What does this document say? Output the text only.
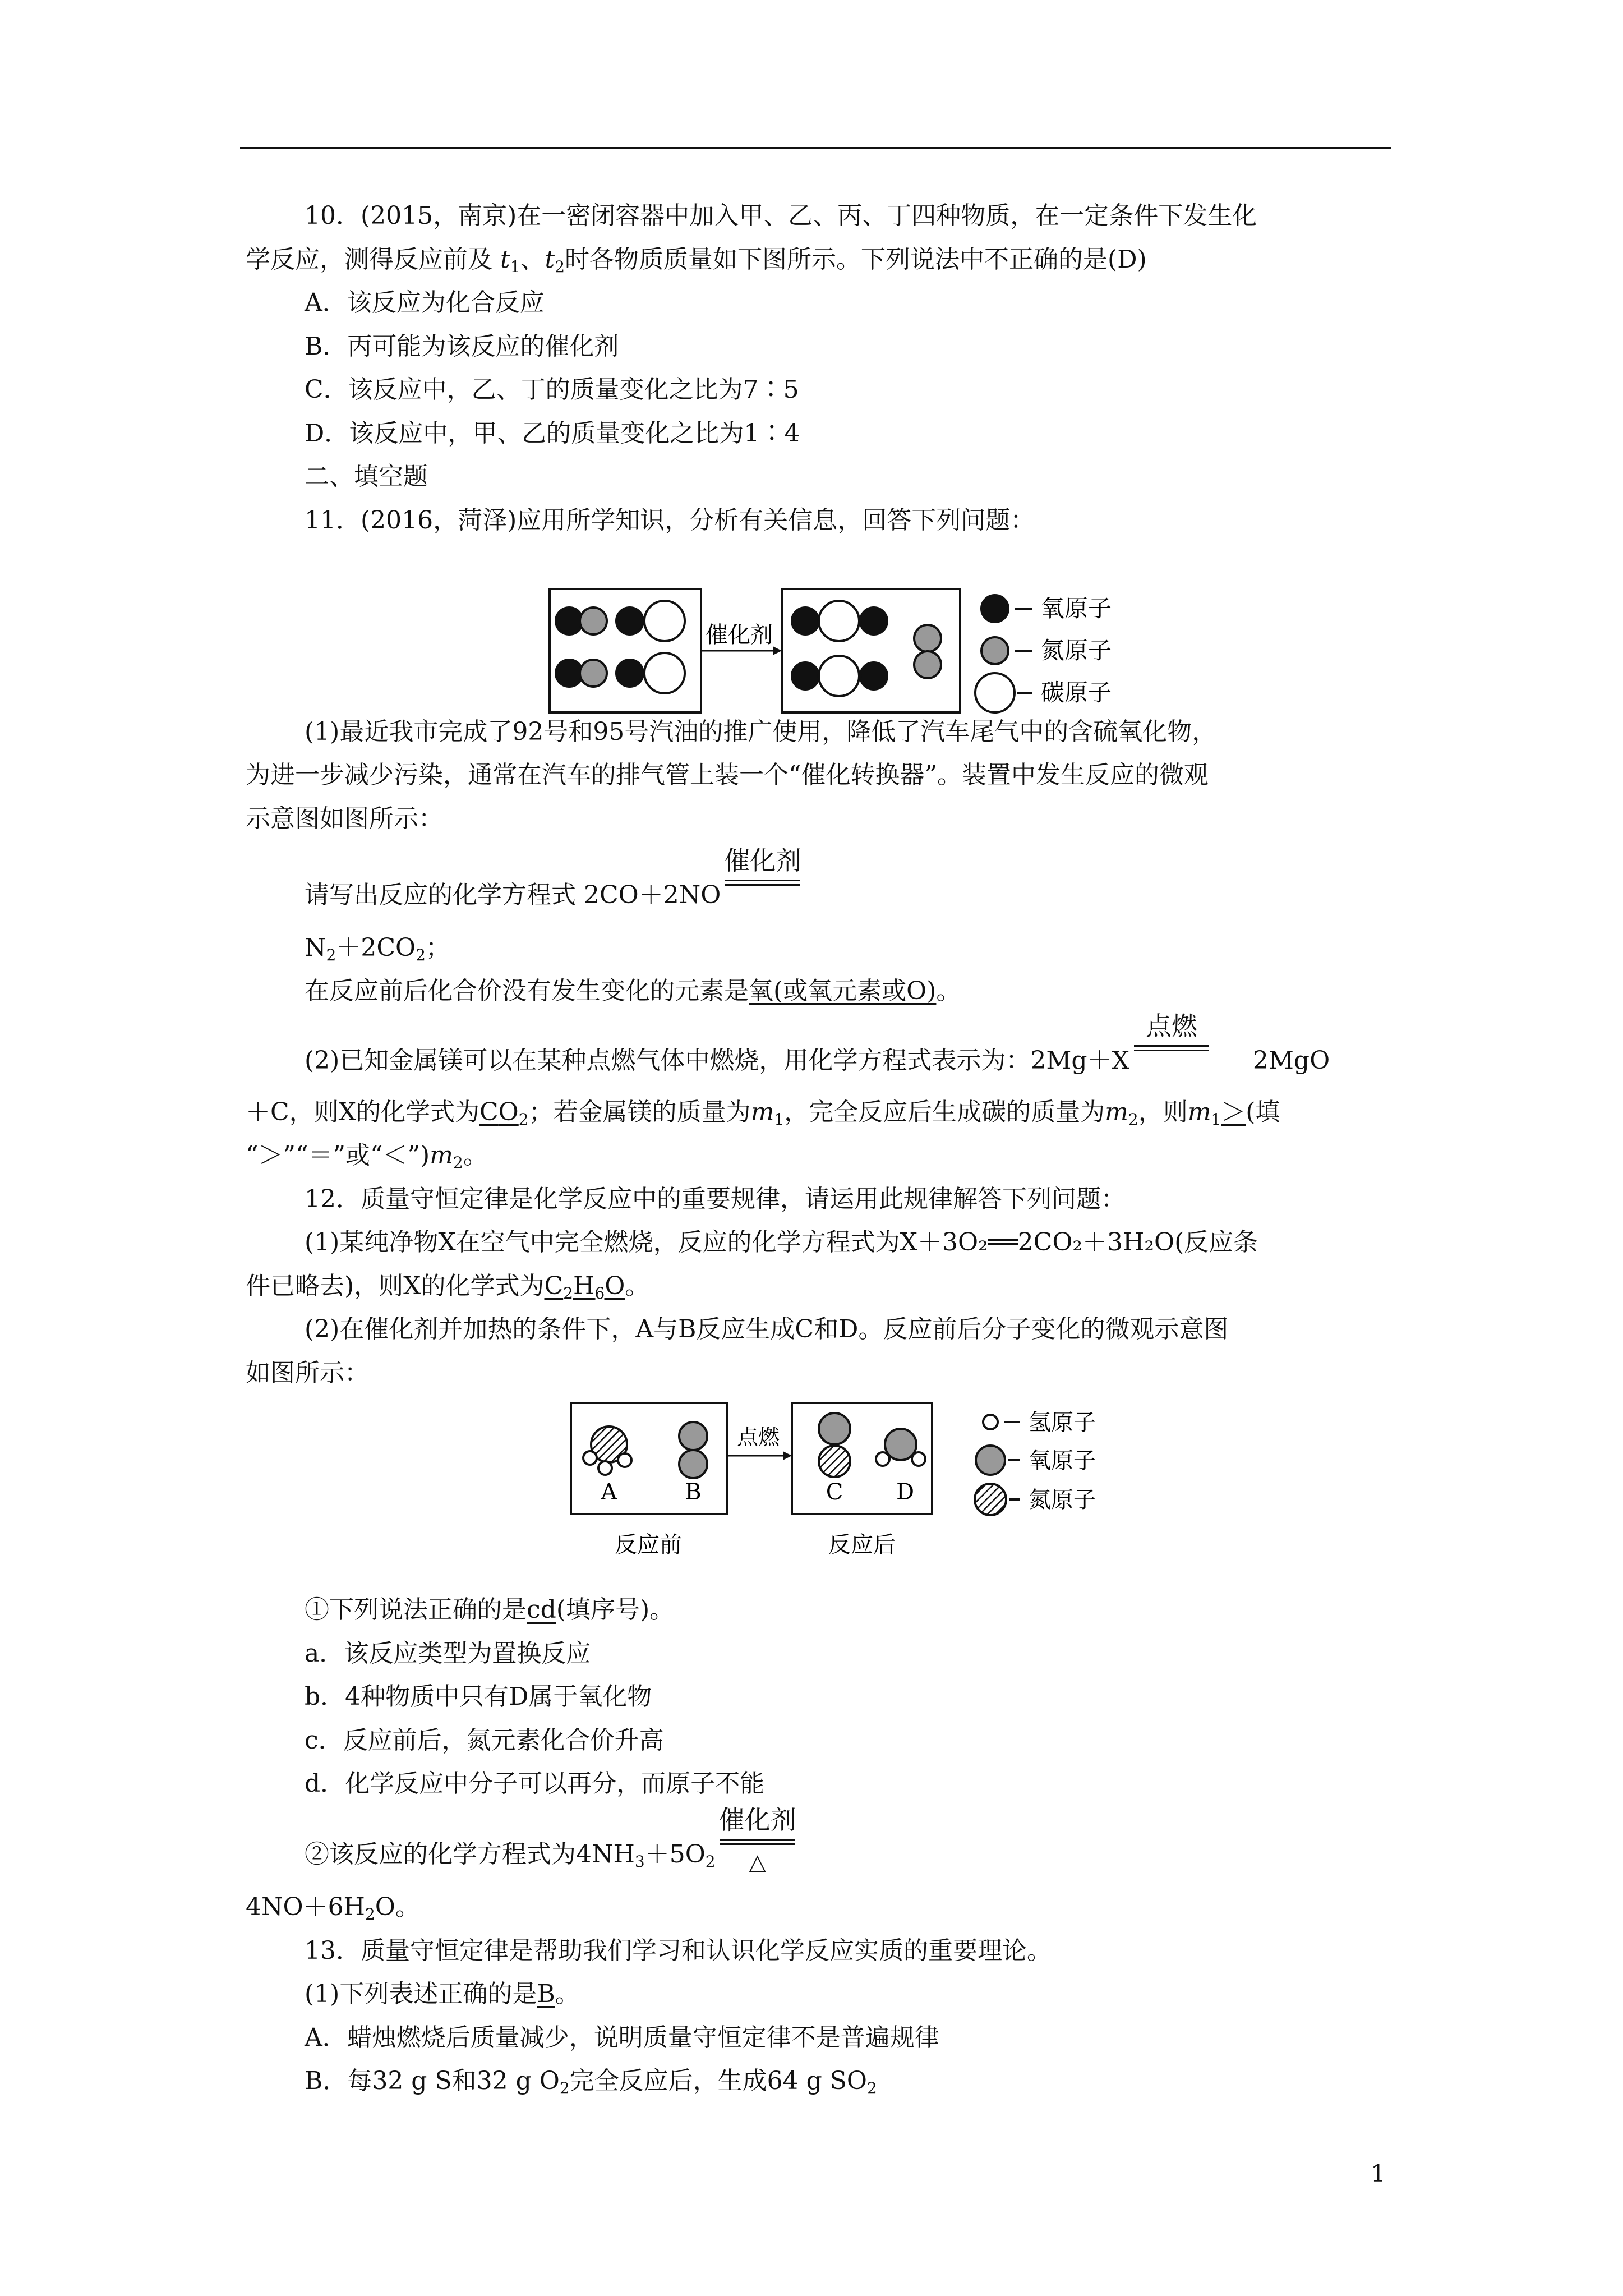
10．(2015，南京)在一密闭容器中加入甲、乙、丙、丁四种物质，在一定条件下发生化
学反应，测得反应前及 $t_1$、$t_2$时各物质质量如下图所示。下列说法中不正确的是(D)
A．该反应为化合反应
B．丙可能为该反应的催化剂
C．该反应中，乙、丁的质量变化之比为7∶5
D．该反应中，甲、乙的质量变化之比为1∶4
二、填空题
11．(2016，菏泽)应用所学知识，分析有关信息，回答下列问题：
催化剂
氧原子
氮原子
碳原子
(1)最近我市完成了92号和95号汽油的推广使用，降低了汽车尾气中的含硫氧化物，
为进一步减少污染，通常在汽车的排气管上装一个“催化转换器”。装置中发生反应的微观
示意图如图所示：
请写出反应的化学方程式 2CO＋2NO
催化剂
$N_2+2CO_2$；
在反应前后化合价没有发生变化的元素是氧(或氧元素或O)。
(2)已知金属镁可以在某种点燃气体中燃烧，用化学方程式表示为：2Mg＋X
点燃
2MgO
＋C，则X的化学式为$CO_2$；若金属镁的质量为$m_1$，完全反应后生成碳的质量为$m_2$，则$m_1>$(填
“＞”“＝”或“$<”)m_2$。
12．质量守恒定律是化学反应中的重要规律，请运用此规律解答下列问题：
(1)某纯净物X在空气中完全燃烧，反应的化学方程式为X＋3O₂══2CO₂＋3H₂O(反应条
件已略去)，则X的化学式为$C_2H_6O$。
(2)在催化剂并加热的条件下，A与B反应生成C和D。反应前后分子变化的微观示意图
如图所示：
A	B
点燃
C D
反应前	反应后
氢原子
氧原子
氮原子
①下列说法正确的是cd(填序号)。
a．该反应类型为置换反应
b．4种物质中只有D属于氧化物
c．反应前后，氮元素化合价升高
d．化学反应中分子可以再分，而原子不能
②该反应的化学方程式为$4NH_3+5O_2$
催化剂
△
$4NO+6H_2O$。
13．质量守恒定律是帮助我们学习和认识化学反应实质的重要理论。
(1)下列表述正确的是B。
A．蜡烛燃烧后质量减少，说明质量守恒定律不是普遍规律
B．每32 g S和32 g $O_2$完全反应后，生成64 g $SO_2$
1
